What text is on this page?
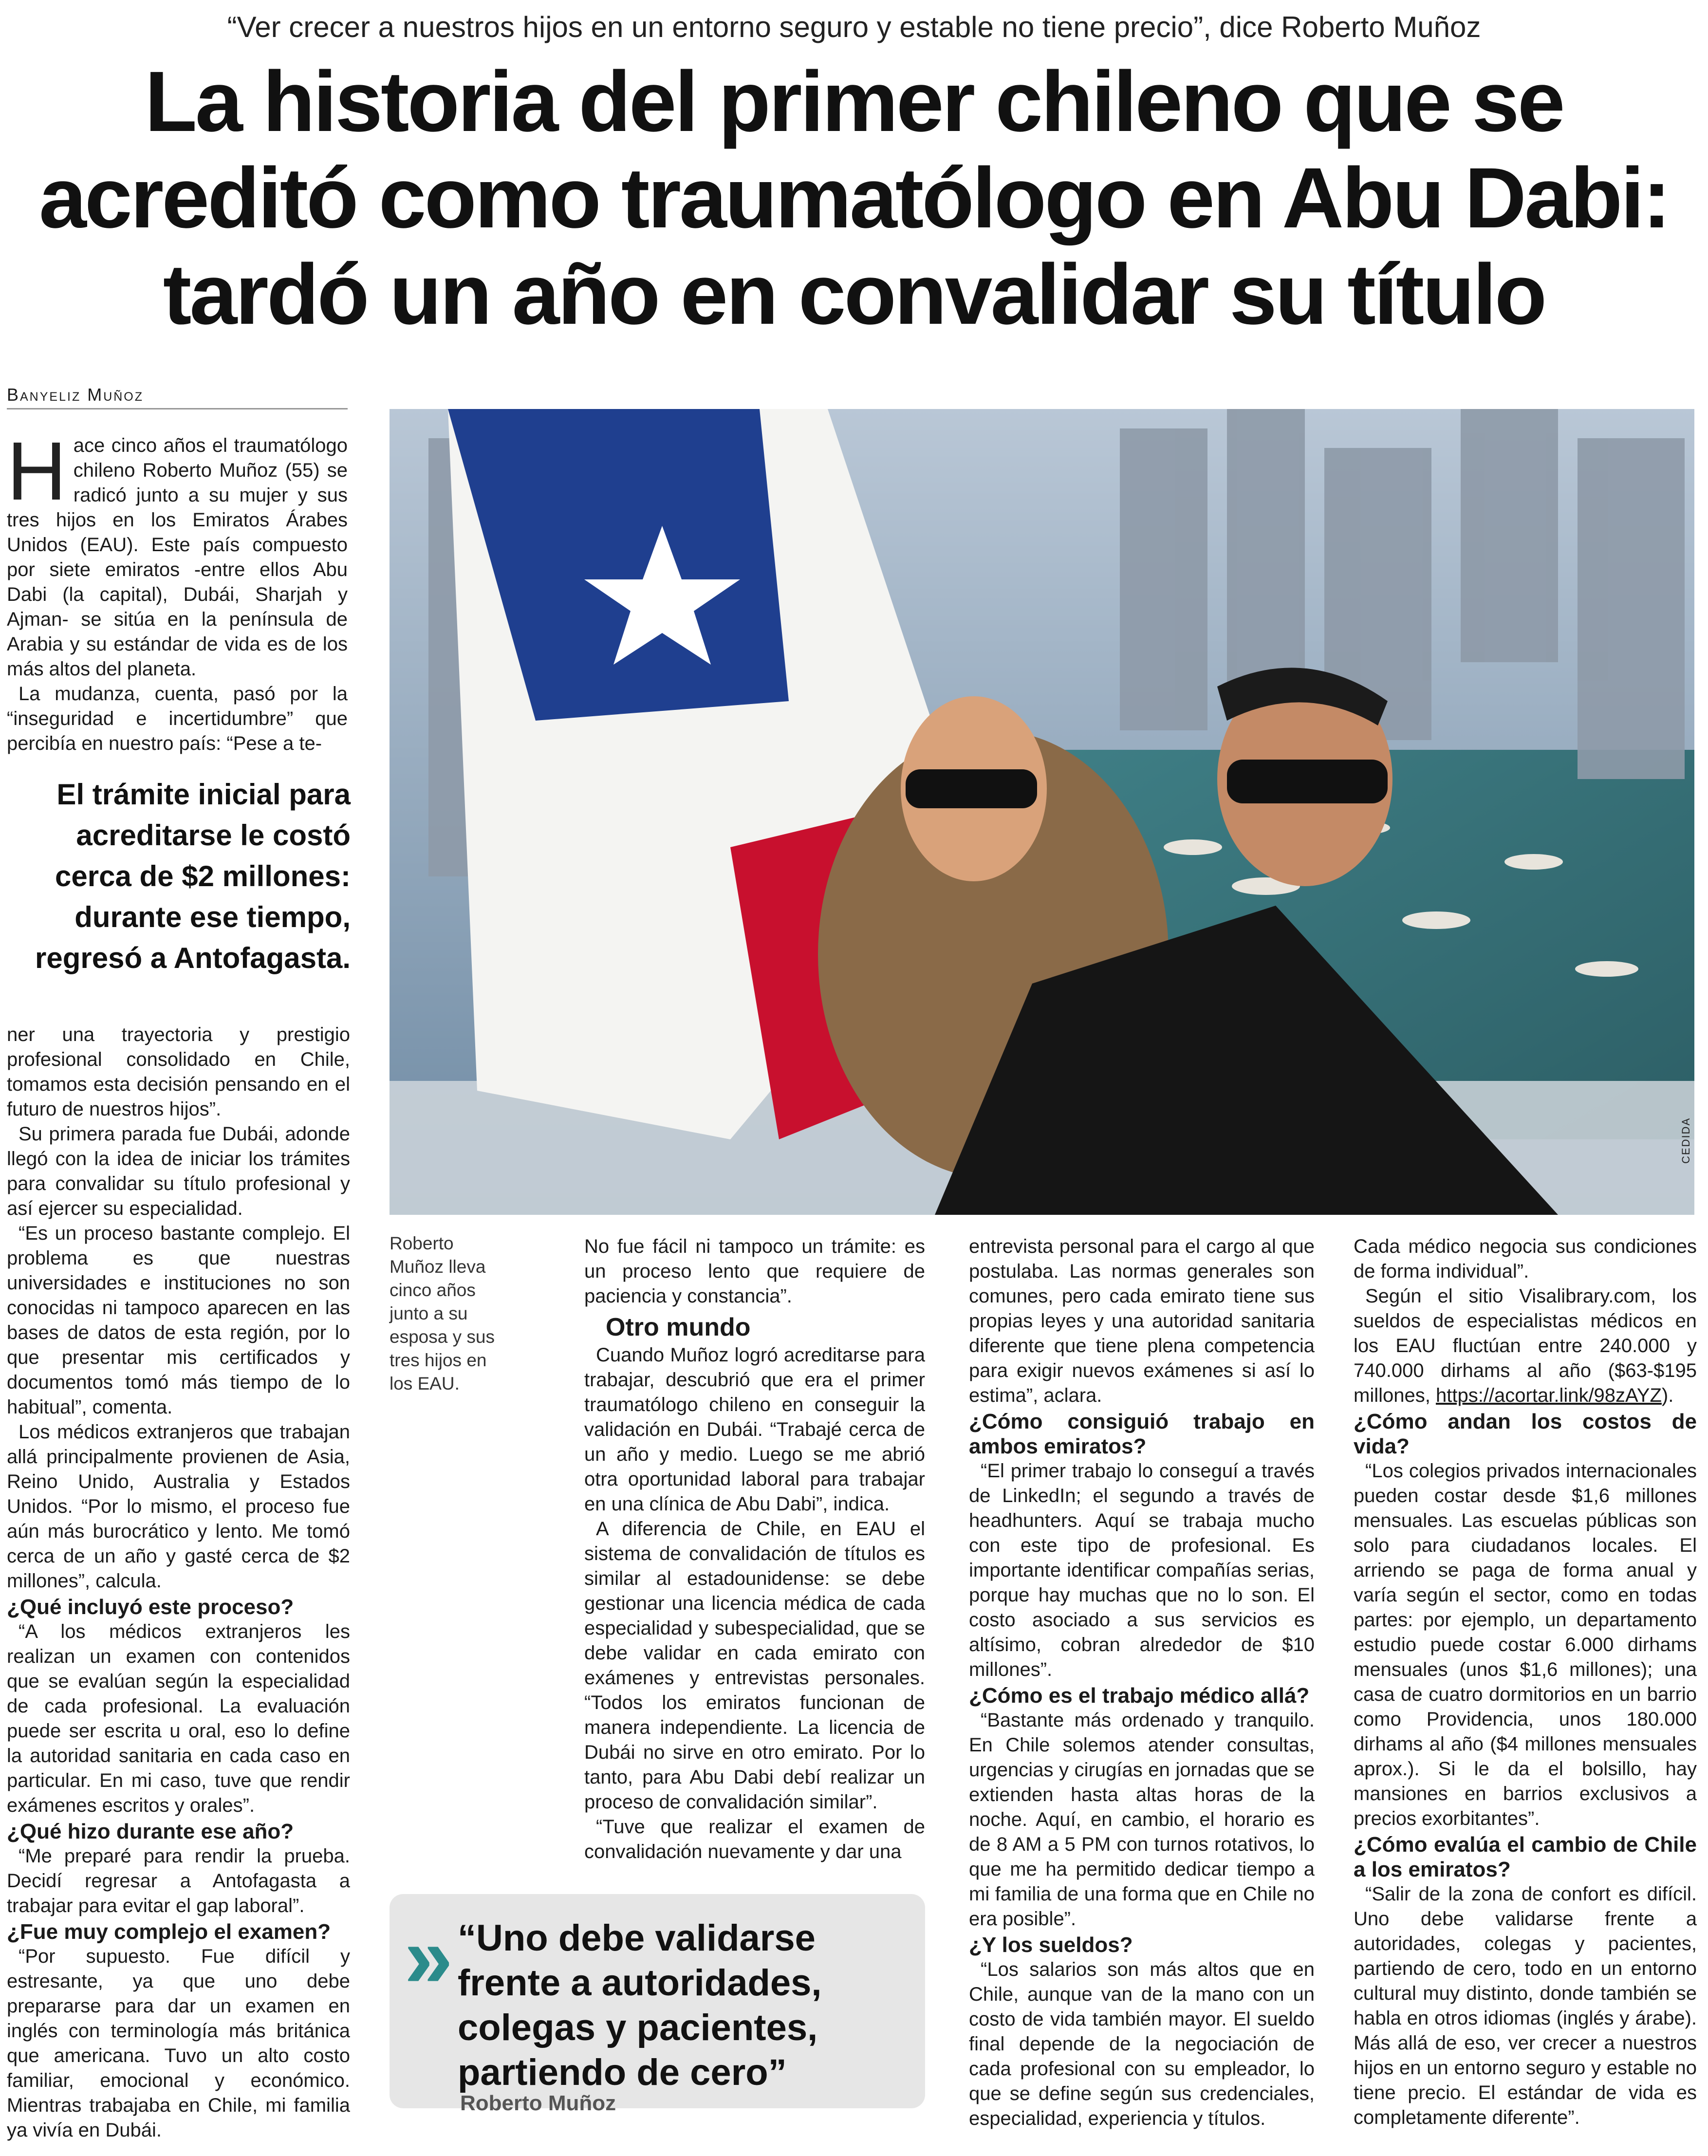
“Ver crecer a nuestros hijos en un entorno seguro y estable no tiene precio”, dice Roberto Muñoz
La historia del primer chileno que se acreditó como traumatólogo en Abu Dabi: tardó un año en convalidar su título
Banyeliz Muñoz
H ace cinco años el traumatólogo chileno Roberto Muñoz (55) se radicó junto a su mujer y sus tres hijos en los Emiratos Árabes Unidos (EAU). Este país compuesto por siete emiratos -entre ellos Abu Dabi (la capital), Dubái, Sharjah y Ajman- se sitúa en la península de Arabia y su estándar de vida es de los más altos del planeta.

La mudanza, cuenta, pasó por la “inseguridad e incertidumbre” que percibía en nuestro país: “Pese a te-

El trámite inicial para acreditarse le costó cerca de $2 millones: durante ese tiempo, regresó a Antofagasta.

ner una trayectoria y prestigio profesional consolidado en Chile, tomamos esta decisión pensando en el futuro de nuestros hijos”.

Su primera parada fue Dubái, adonde llegó con la idea de iniciar los trámites para convalidar su título profesional y así ejercer su especialidad.

“Es un proceso bastante complejo. El problema es que nuestras universidades e instituciones no son conocidas ni tampoco aparecen en las bases de datos de esta región, por lo que presentar mis certificados y documentos tomó más tiempo de lo habitual”, comenta.

Los médicos extranjeros que trabajan allá principalmente provienen de Asia, Reino Unido, Australia y Estados Unidos. “Por lo mismo, el proceso fue aún más burocrático y lento. Me tomó cerca de un año y gasté cerca de $2 millones”, calcula.

¿Qué incluyó este proceso?

“A los médicos extranjeros les realizan un examen con contenidos que se evalúan según la especialidad de cada profesional. La evaluación puede ser escrita u oral, eso lo define la autoridad sanitaria en cada caso en particular. En mi caso, tuve que rendir exámenes escritos y orales”.

¿Qué hizo durante ese año?

“Me preparé para rendir la prueba. Decidí regresar a Antofagasta a trabajar para evitar el gap laboral”.

¿Fue muy complejo el examen?

“Por supuesto. Fue difícil y estresante, ya que uno debe prepararse para dar un examen en inglés con terminología más británica que americana. Tuvo un alto costo familiar, emocional y económico. Mientras trabajaba en Chile, mi familia ya vivía en Dubái.

CEDIDA
Roberto Muñoz lleva cinco años junto a su esposa y sus tres hijos en los EAU.

No fue fácil ni tampoco un trámite: es un proceso lento que requiere de paciencia y constancia”.

Otro mundo

Cuando Muñoz logró acreditarse para trabajar, descubrió que era el primer traumatólogo chileno en conseguir la validación en Dubái. “Trabajé cerca de un año y medio. Luego se me abrió otra oportunidad laboral para trabajar en una clínica de Abu Dabi”, indica.

A diferencia de Chile, en EAU el sistema de convalidación de títulos es similar al estadounidense: se debe gestionar una licencia médica de cada especialidad y subespecialidad, que se debe validar en cada emirato con exámenes y entrevistas personales. “Todos los emiratos funcionan de manera independiente. La licencia de Dubái no sirve en otro emirato. Por lo tanto, para Abu Dabi debí realizar un proceso de convalidación similar”.

“Tuve que realizar el examen de convalidación nuevamente y dar una

entrevista personal para el cargo al que postulaba. Las normas generales son comunes, pero cada emirato tiene sus propias leyes y una autoridad sanitaria diferente que tiene plena competencia para exigir nuevos exámenes si así lo estima”, aclara.

¿Cómo consiguió trabajo en ambos emiratos?

“El primer trabajo lo conseguí a través de LinkedIn; el segundo a través de headhunters. Aquí se trabaja mucho con este tipo de profesional. Es importante identificar compañías serias, porque hay muchas que no lo son. El costo asociado a sus servicios es altísimo, cobran alrededor de $10 millones”.

¿Cómo es el trabajo médico allá?

“Bastante más ordenado y tranquilo. En Chile solemos atender consultas, urgencias y cirugías en jornadas que se extienden hasta altas horas de la noche. Aquí, en cambio, el horario es de 8 AM a 5 PM con turnos rotativos, lo que me ha permitido dedicar tiempo a mi familia de una forma que en Chile no era posible”.

¿Y los sueldos?

“Los salarios son más altos que en Chile, aunque van de la mano con un costo de vida también mayor. El sueldo final depende de la negociación de cada profesional con su empleador, lo que se define según sus credenciales, especialidad, experiencia y títulos.

Cada médico negocia sus condiciones de forma individual”.

Según el sitio Visalibrary.com, los sueldos de especialistas médicos en los EAU fluctúan entre 240.000 y 740.000 dirhams al año ($63-$195 millones, https://acortar.link/98zAYZ).

¿Cómo andan los costos de vida?

“Los colegios privados internacionales pueden costar desde $1,6 millones mensuales. Las escuelas públicas son solo para ciudadanos locales. El arriendo se paga de forma anual y varía según el sector, como en todas partes: por ejemplo, un departamento estudio puede costar 6.000 dirhams mensuales (unos $1,6 millones); una casa de cuatro dormitorios en un barrio como Providencia, unos 180.000 dirhams al año ($4 millones mensuales aprox.). Si le da el bolsillo, hay mansiones en barrios exclusivos a precios exorbitantes”.

¿Cómo evalúa el cambio de Chile a los emiratos?

“Salir de la zona de confort es difícil. Uno debe validarse frente a autoridades, colegas y pacientes, partiendo de cero, todo en un entorno cultural muy distinto, donde también se habla en otros idiomas (inglés y árabe). Más allá de eso, ver crecer a nuestros hijos en un entorno seguro y estable no tiene precio. El estándar de vida es completamente diferente”.

» “Uno debe validarse frente a autoridades, colegas y pacientes, partiendo de cero”
Roberto Muñoz
